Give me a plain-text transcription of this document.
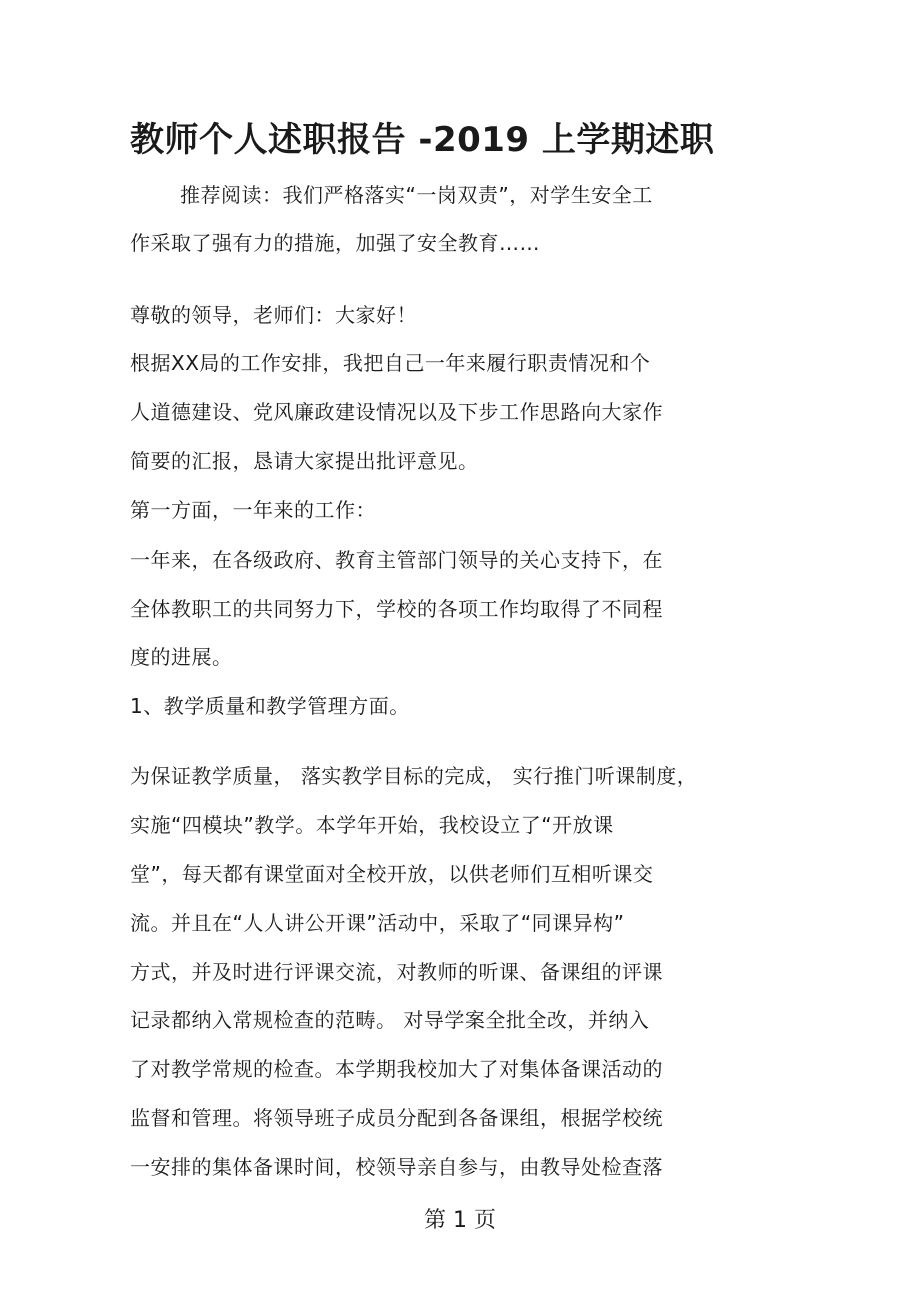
教师个人述职报告 -2019 上学期述职
推荐阅读：我们严格落实“一岗双责”，对学生安全工
作采取了强有力的措施，加强了安全教育……
尊敬的领导，老师们：大家好！
根据XX局的工作安排，我把自己一年来履行职责情况和个
人道德建设、党风廉政建设情况以及下步工作思路向大家作
简要的汇报，恳请大家提出批评意见。
第一方面，一年来的工作：
一年来，在各级政府、教育主管部门领导的关心支持下，在
全体教职工的共同努力下，学校的各项工作均取得了不同程
度的进展。
1、教学质量和教学管理方面。
为保证教学质量， 落实教学目标的完成， 实行推门听课制度，
实施“四模块”教学。本学年开始，我校设立了“开放课
堂”，每天都有课堂面对全校开放，以供老师们互相听课交
流。并且在“人人讲公开课”活动中，采取了“同课异构”
方式，并及时进行评课交流，对教师的听课、备课组的评课
记录都纳入常规检查的范畴。 对导学案全批全改，并纳入
了对教学常规的检查。本学期我校加大了对集体备课活动的
监督和管理。将领导班子成员分配到各备课组，根据学校统
一安排的集体备课时间，校领导亲自参与，由教导处检查落
第 1 页
